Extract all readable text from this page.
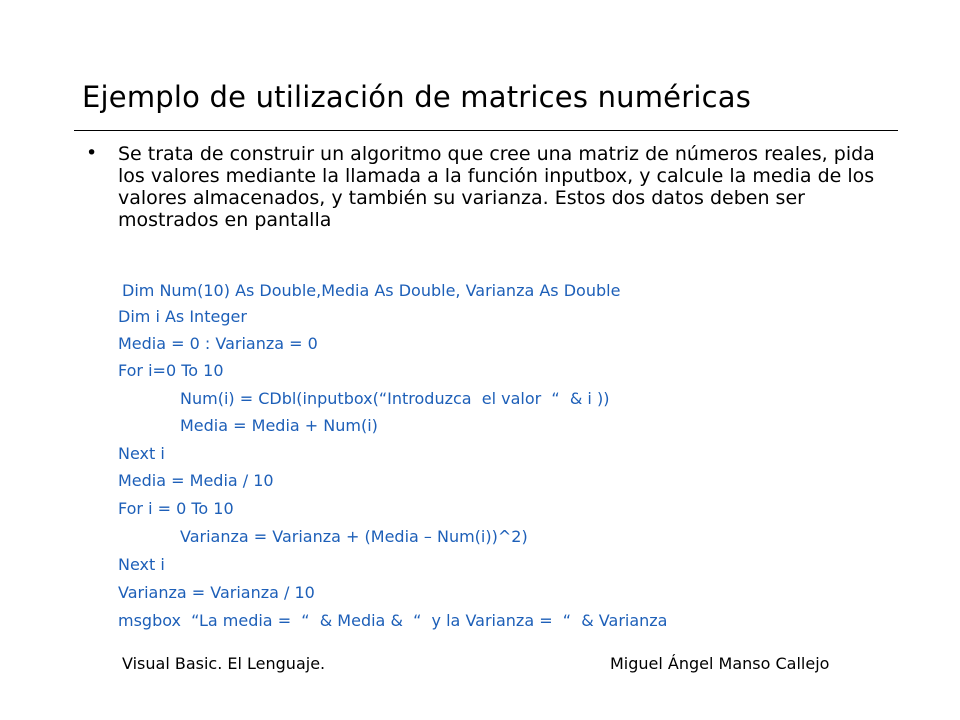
Ejemplo de utilización de matrices numéricas
• Se trata de construir un algoritmo que cree una matriz de números reales, pida los valores mediante la llamada a la función inputbox, y calcule la media de los valores almacenados, y también su varianza. Estos dos datos deben ser mostrados en pantalla

Dim Num(10) As Double,Media As Double, Varianza As Double
Dim i As Integer
Media = 0 : Varianza = 0
For i=0 To 10
Num(i) = CDbl(inputbox(“Introduzca  el valor  “  & i ))
Media = Media + Num(i)
Next i
Media = Media / 10
For i = 0 To 10
Varianza = Varianza + (Media – Num(i))^2)
Next i
Varianza = Varianza / 10
msgbox  “La media =  “  & Media &  “  y la Varianza =  “  & Varianza
Visual Basic. El Lenguaje.	Miguel Ángel Manso Callejo
